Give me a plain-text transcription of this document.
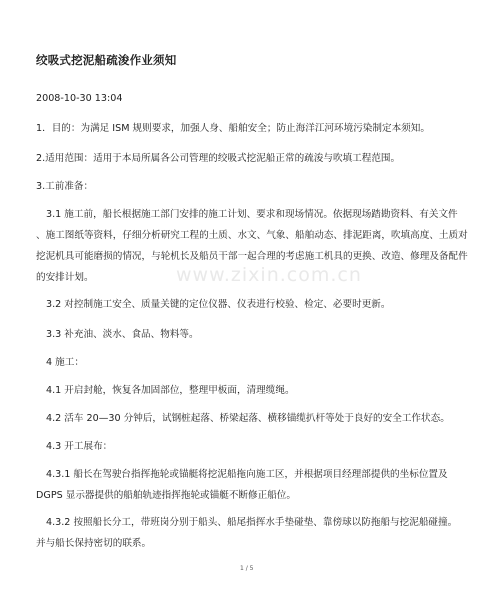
绞吸式挖泥船疏浚作业须知
2008-10-30 13:04
1．目的：为满足 ISM 规则要求，加强人身、船舶安全；防止海洋江河环境污染制定本须知。
2.适用范围：适用于本局所属各公司管理的绞吸式挖泥船正常的疏浚与吹填工程范围。
3.工前准备：
3.1 施工前，船长根据施工部门安排的施工计划、要求和现场情况。依据现场踏勘资料、有关文件
、施工图纸等资料，仔细分析研究工程的土质、水文、气象、船舶动态、排泥距离，吹填高度、土质对
挖泥机具可能磨损的情况，与轮机长及船员干部一起合理的考虑施工机具的更换、改造、修理及备配件
的安排计划。
3.2 对控制施工安全、质量关键的定位仪器、仪表进行校验、检定、必要时更新。
3.3 补充油、淡水、食品、物料等。
4 施工：
4.1 开启封舱，恢复各加固部位，整理甲板面，清理缆绳。
4.2 活车 20—30 分钟后，试钢桩起落、桥梁起落、横移锚缆扒杆等处于良好的安全工作状态。
4.3 开工展布：
4.3.1 船长在驾驶台指挥拖轮或锚艇将挖泥船拖向施工区，并根据项目经理部提供的坐标位置及
DGPS 显示器提供的船舶轨迹指挥拖轮或锚艇不断修正船位。
4.3.2 按照船长分工，带班岗分别于船头、船尾指挥水手垫碰垫、靠傍球以防拖船与挖泥船碰撞。
并与船长保持密切的联系。
www.zixin.com.cn
1 / 5
